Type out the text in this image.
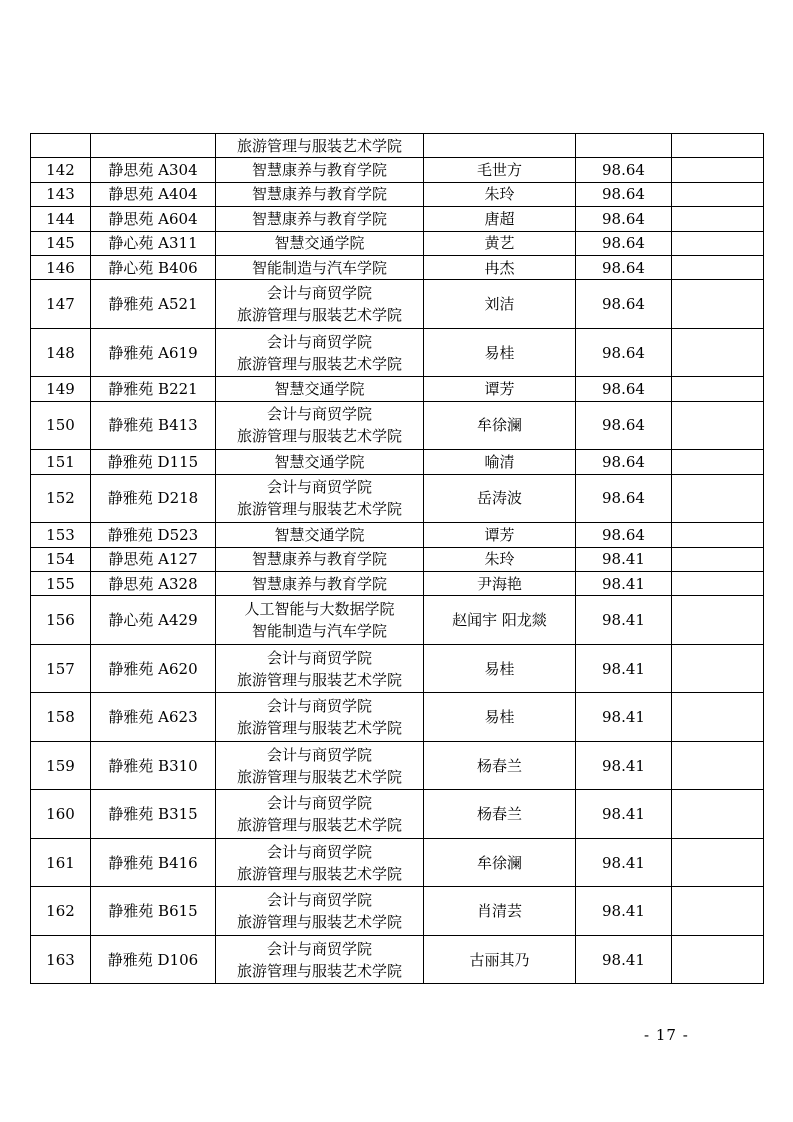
		旅游管理与服装艺术学院			

142	静思苑 A304	智慧康养与教育学院	毛世方	98.64	
143	静思苑 A404	智慧康养与教育学院	朱玲	98.64	
144	静思苑 A604	智慧康养与教育学院	唐超	98.64	
145	静心苑 A311	智慧交通学院	黄艺	98.64	
146	静心苑 B406	智能制造与汽车学院	冉杰	98.64	
147	静雅苑 A521	会计与商贸学院
旅游管理与服装艺术学院	刘洁	98.64	
148	静雅苑 A619	会计与商贸学院
旅游管理与服装艺术学院	易桂	98.64	
149	静雅苑 B221	智慧交通学院	谭芳	98.64	
150	静雅苑 B413	会计与商贸学院
旅游管理与服装艺术学院	牟徐澜	98.64	
151	静雅苑 D115	智慧交通学院	喻清	98.64	
152	静雅苑 D218	会计与商贸学院
旅游管理与服装艺术学院	岳涛波	98.64	
153	静雅苑 D523	智慧交通学院	谭芳	98.64	
154	静思苑 A127	智慧康养与教育学院	朱玲	98.41	
155	静思苑 A328	智慧康养与教育学院	尹海艳	98.41	
156	静心苑 A429	人工智能与大数据学院
智能制造与汽车学院	赵闻宇 阳龙燚	98.41	
157	静雅苑 A620	会计与商贸学院
旅游管理与服装艺术学院	易桂	98.41	
158	静雅苑 A623	会计与商贸学院
旅游管理与服装艺术学院	易桂	98.41	
159	静雅苑 B310	会计与商贸学院
旅游管理与服装艺术学院	杨春兰	98.41	
160	静雅苑 B315	会计与商贸学院
旅游管理与服装艺术学院	杨春兰	98.41	
161	静雅苑 B416	会计与商贸学院
旅游管理与服装艺术学院	牟徐澜	98.41	
162	静雅苑 B615	会计与商贸学院
旅游管理与服装艺术学院	肖清芸	98.41	
163	静雅苑 D106	会计与商贸学院
旅游管理与服装艺术学院	古丽其乃	98.41	
- 17 -
